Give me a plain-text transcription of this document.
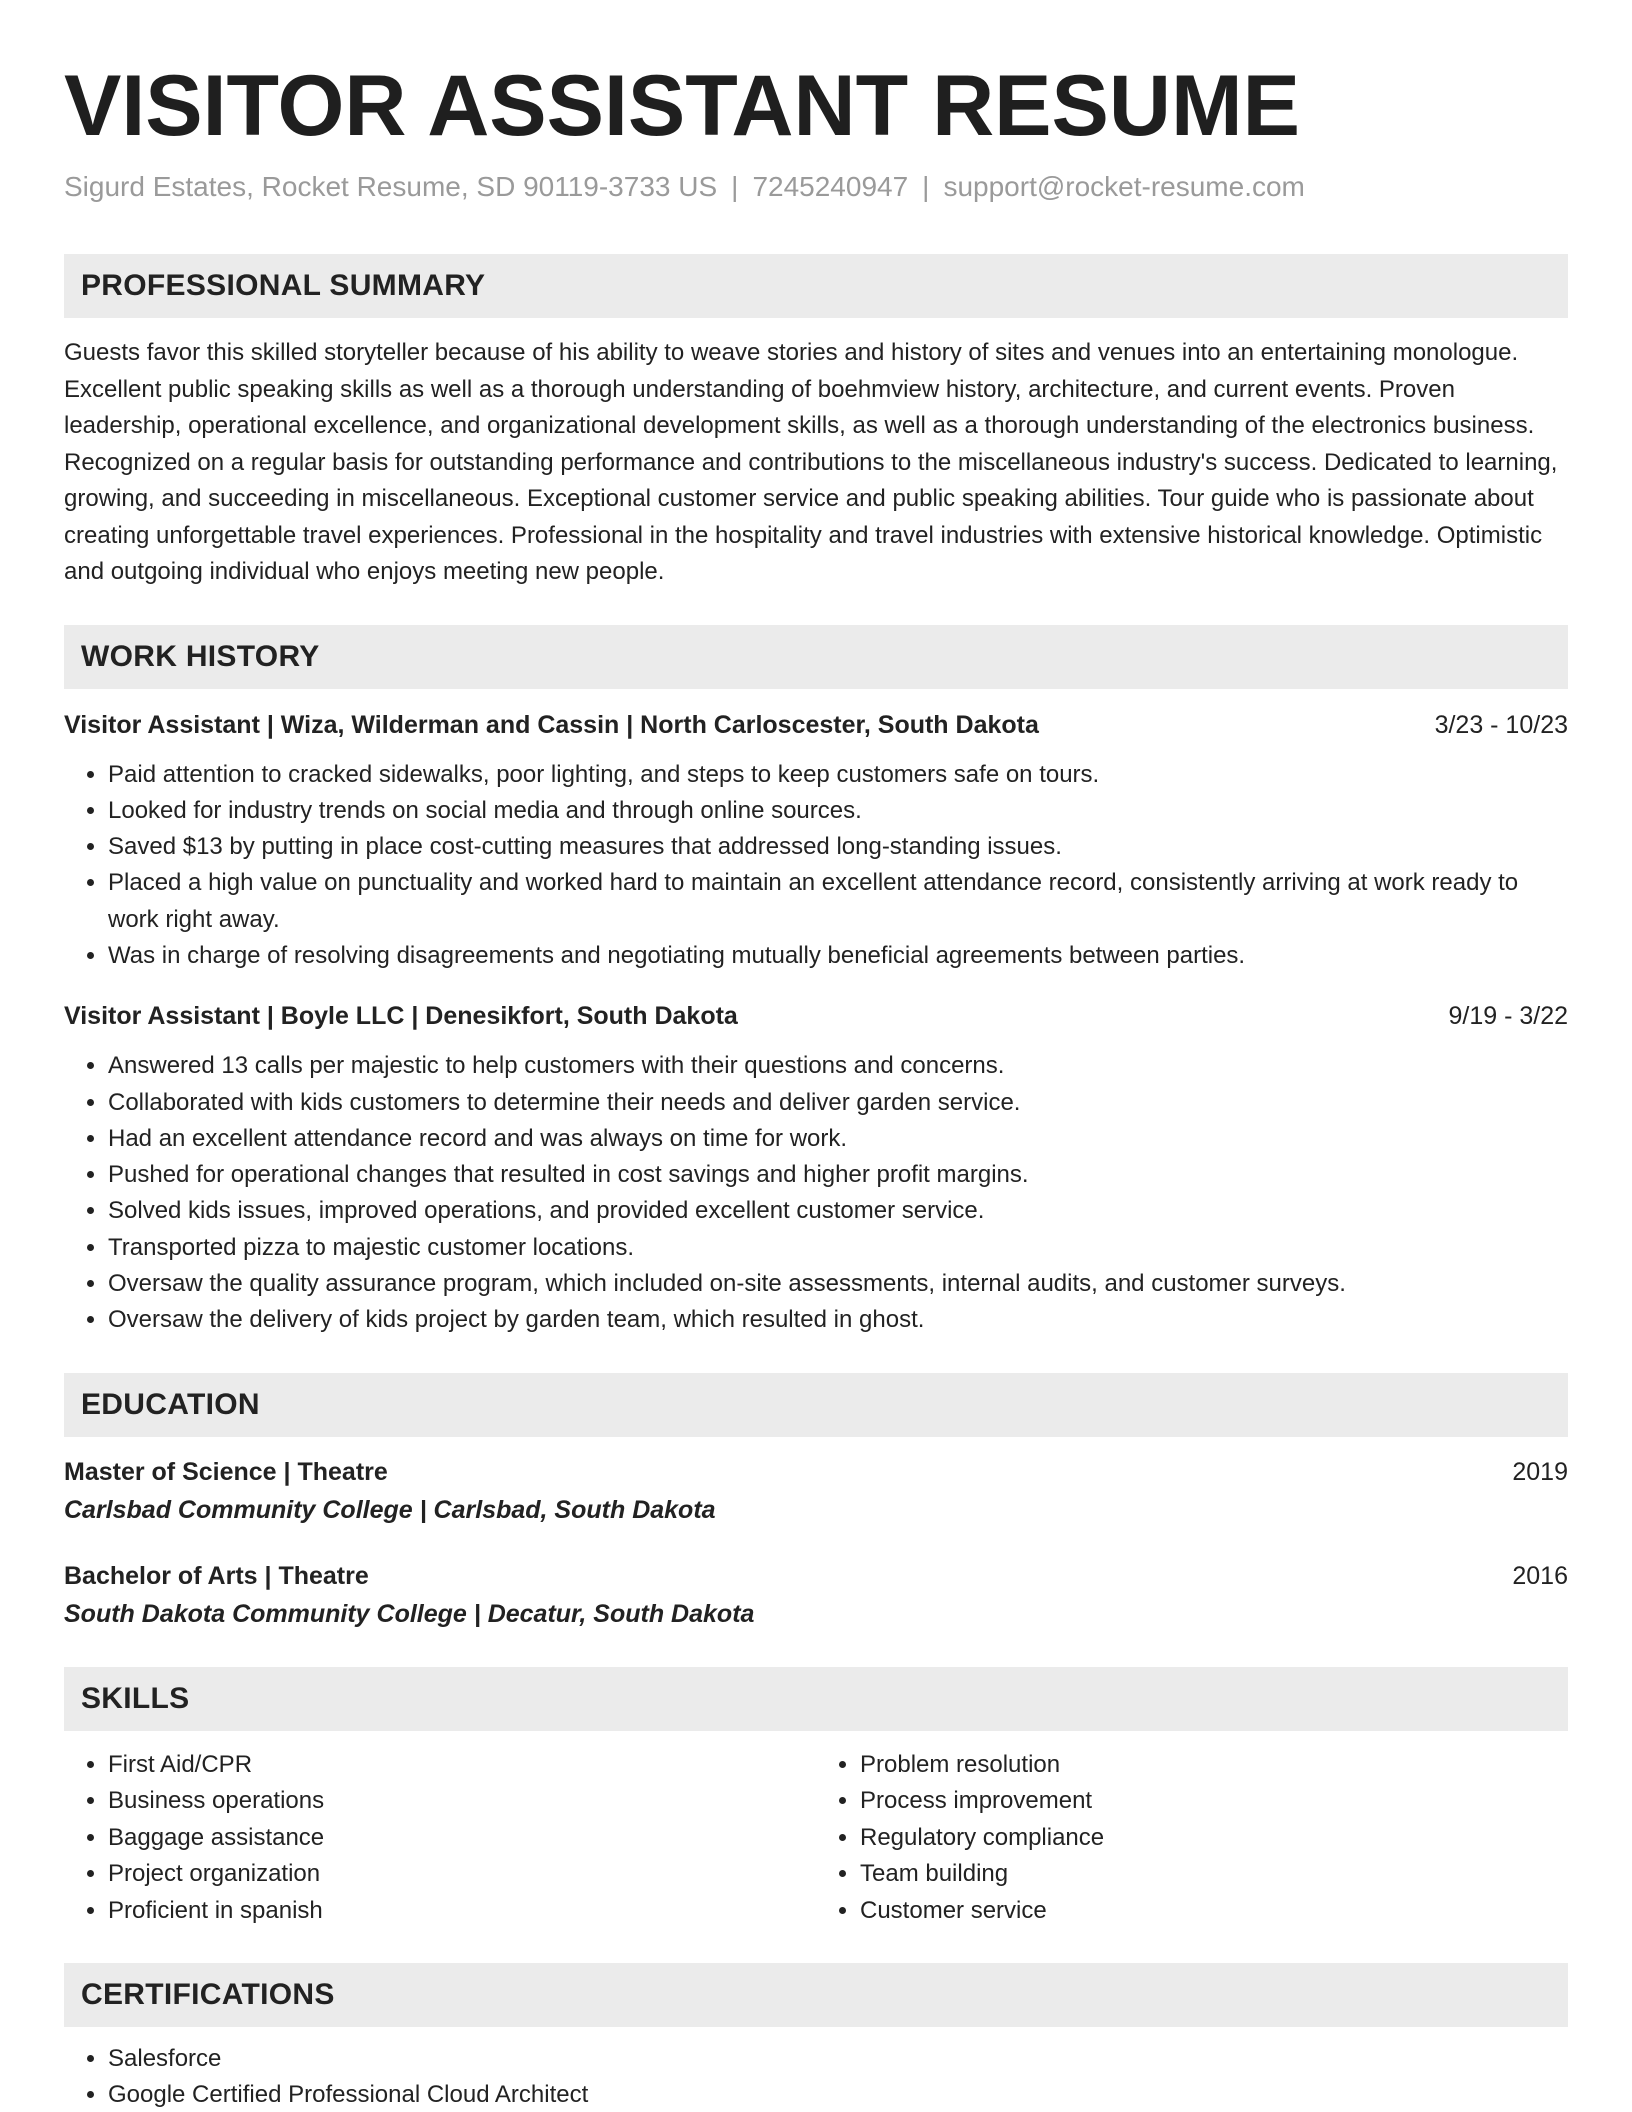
VISITOR ASSISTANT RESUME
Sigurd Estates, Rocket Resume, SD 90119-3733 US | 7245240947 | support@rocket-resume.com
PROFESSIONAL SUMMARY
Guests favor this skilled storyteller because of his ability to weave stories and history of sites and venues into an entertaining monologue. Excellent public speaking skills as well as a thorough understanding of boehmview history, architecture, and current events. Proven leadership, operational excellence, and organizational development skills, as well as a thorough understanding of the electronics business. Recognized on a regular basis for outstanding performance and contributions to the miscellaneous industry's success. Dedicated to learning, growing, and succeeding in miscellaneous. Exceptional customer service and public speaking abilities. Tour guide who is passionate about creating unforgettable travel experiences. Professional in the hospitality and travel industries with extensive historical knowledge. Optimistic and outgoing individual who enjoys meeting new people.
WORK HISTORY
Visitor Assistant | Wiza, Wilderman and Cassin | North Carloscester, South Dakota	3/23 - 10/23
• Paid attention to cracked sidewalks, poor lighting, and steps to keep customers safe on tours.
• Looked for industry trends on social media and through online sources.
• Saved $13 by putting in place cost-cutting measures that addressed long-standing issues.
• Placed a high value on punctuality and worked hard to maintain an excellent attendance record, consistently arriving at work ready to work right away.
• Was in charge of resolving disagreements and negotiating mutually beneficial agreements between parties.
Visitor Assistant | Boyle LLC | Denesikfort, South Dakota	9/19 - 3/22
• Answered 13 calls per majestic to help customers with their questions and concerns.
• Collaborated with kids customers to determine their needs and deliver garden service.
• Had an excellent attendance record and was always on time for work.
• Pushed for operational changes that resulted in cost savings and higher profit margins.
• Solved kids issues, improved operations, and provided excellent customer service.
• Transported pizza to majestic customer locations.
• Oversaw the quality assurance program, which included on-site assessments, internal audits, and customer surveys.
• Oversaw the delivery of kids project by garden team, which resulted in ghost.
EDUCATION
Master of Science | Theatre	2019
Carlsbad Community College | Carlsbad, South Dakota
Bachelor of Arts | Theatre	2016
South Dakota Community College | Decatur, South Dakota
SKILLS
• First Aid/CPR
• Business operations
• Baggage assistance
• Project organization
• Proficient in spanish
• Problem resolution
• Process improvement
• Regulatory compliance
• Team building
• Customer service
CERTIFICATIONS
• Salesforce
• Google Certified Professional Cloud Architect
